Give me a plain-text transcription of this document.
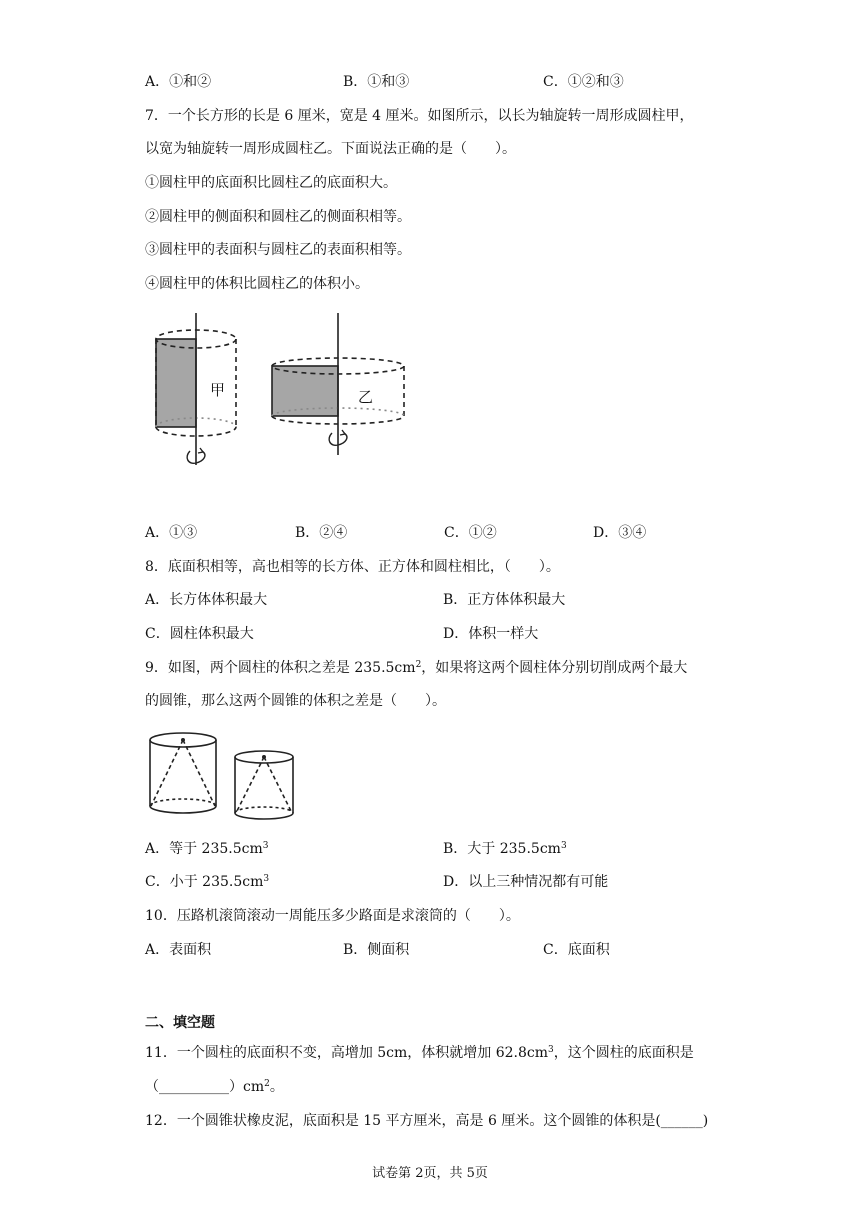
A．①和②	B．①和③	C．①②和③
7．一个长方形的长是 6 厘米，宽是 4 厘米。如图所示，以长为轴旋转一周形成圆柱甲，
以宽为轴旋转一周形成圆柱乙。下面说法正确的是（　　）。
①圆柱甲的底面积比圆柱乙的底面积大。
②圆柱甲的侧面积和圆柱乙的侧面积相等。
③圆柱甲的表面积与圆柱乙的表面积相等。
④圆柱甲的体积比圆柱乙的体积小。
甲	乙
A．①③	B．②④	C．①②	D．③④
8．底面积相等，高也相等的长方体、正方体和圆柱相比，（　　）。
A．长方体体积最大	B．正方体体积最大
C．圆柱体积最大	D．体积一样大
9．如图，两个圆柱的体积之差是 $235.5cm^2$，如果将这两个圆柱体分别切削成两个最大
的圆锥，那么这两个圆锥的体积之差是（　　）。
A．等于 $235.5cm^3$	B．大于 $235.5cm^3$
C．小于 $235.5cm^3$	D．以上三种情况都有可能
10．压路机滚筒滚动一周能压多少路面是求滚筒的（　　）。
A．表面积	B．侧面积	C．底面积
二、填空题
11．一个圆柱的底面积不变，高增加 5cm，体积就增加 $62.8cm^3$，这个圆柱的底面积是
$(\_\_\_\_\_\_\_\_\_\_)cm^2$。
12．一个圆锥状橡皮泥，底面积是 15 平方厘米，高是 6 厘米。这个圆锥的体积是(______)
试卷第 2页，共 5页
